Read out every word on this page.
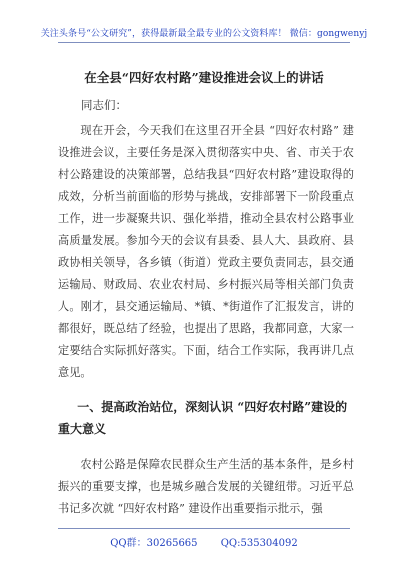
关注头条号“公文研究”，获得最新最全最专业的公文资料库！ 微信：gongwenyj
在全县“四好农村路”建设推进会议上的讲话
同志们：

现在开会，今天我们在这里召开全县 “四好农村路” 建设推进会议，主要任务是深入贯彻落实中央、省、市关于农村公路建设的决策部署，总结我县“四好农村路”建设取得的成效，分析当前面临的形势与挑战，安排部署下一阶段重点工作，进一步凝聚共识、强化举措，推动全县农村公路事业高质量发展。参加今天的会议有县委、县人大、县政府、县政协相关领导，各乡镇（街道）党政主要负责同志，县交通运输局、财政局、农业农村局、乡村振兴局等相关部门负责人。刚才，县交通运输局、*镇、*街道作了汇报发言，讲的都很好，既总结了经验，也提出了思路，我都同意，大家一定要结合实际抓好落实。下面，结合工作实际，我再讲几点意见。

一、提高政治站位，深刻认识 “四好农村路”建设的重大意义

农村公路是保障农民群众生产生活的基本条件，是乡村振兴的重要支撑，也是城乡融合发展的关键纽带。习近平总书记多次就 “四好农村路” 建设作出重要指示批示，强

QQ群：30265665 QQ:535304092
